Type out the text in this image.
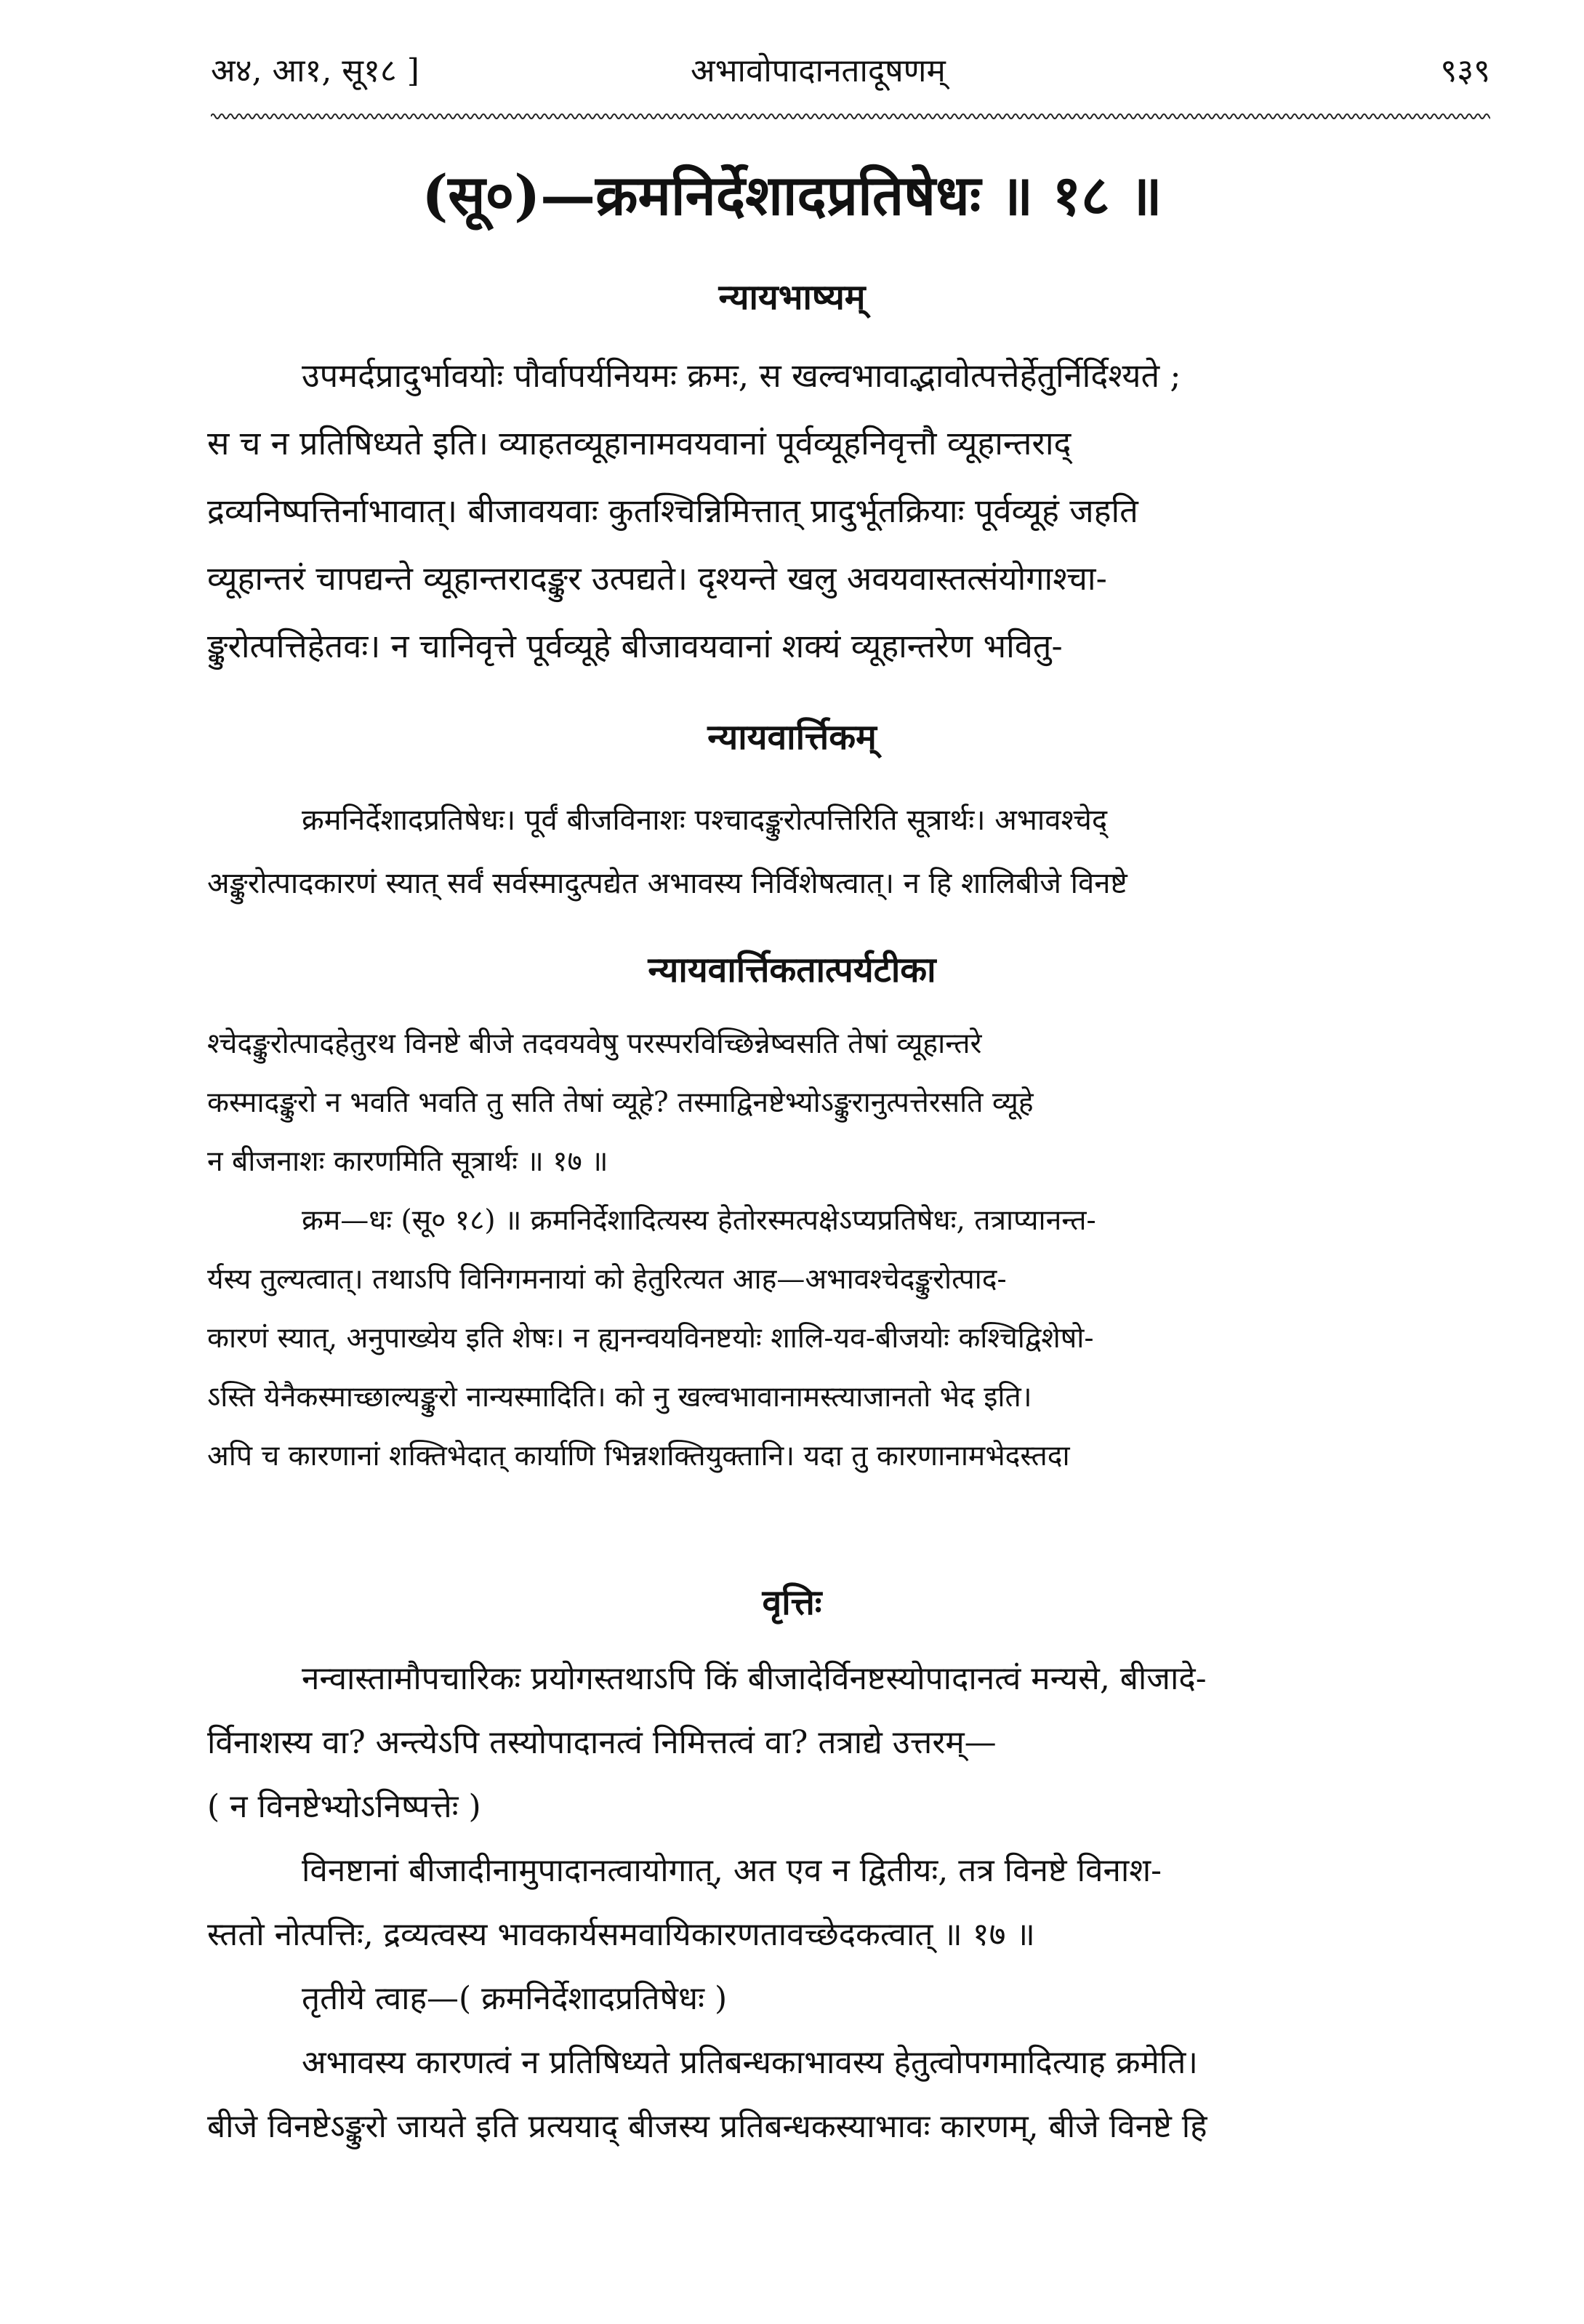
अ४, आ१, सू१८ ]	अभावोपादानतादूषणम्	९३९
(सू०)—क्रमनिर्देशादप्रतिषेधः ॥ १८ ॥
न्यायभाष्यम्
उपमर्दप्रादुर्भावयोः पौर्वापर्यनियमः क्रमः, स खल्वभावाद्भावोत्पत्तेर्हेतुर्निर्दिश्यते ;
स च न प्रतिषिध्यते इति। व्याहतव्यूहानामवयवानां पूर्वव्यूहनिवृत्तौ व्यूहान्तराद्
द्रव्यनिष्पत्तिर्नाभावात्। बीजावयवाः कुतश्चिन्निमित्तात् प्रादुर्भूतक्रियाः पूर्वव्यूहं जहति
व्यूहान्तरं चापद्यन्ते व्यूहान्तरादङ्कुर उत्पद्यते। दृश्यन्ते खलु अवयवास्तत्संयोगाश्चा-
ङ्कुरोत्पत्तिहेतवः। न चानिवृत्ते पूर्वव्यूहे बीजावयवानां शक्यं व्यूहान्तरेण भवितु-
न्यायवार्त्तिकम्
क्रमनिर्देशादप्रतिषेधः। पूर्वं बीजविनाशः पश्चादङ्कुरोत्पत्तिरिति सूत्रार्थः। अभावश्चेद्
अङ्कुरोत्पादकारणं स्यात् सर्वं सर्वस्मादुत्पद्येत अभावस्य निर्विशेषत्वात्। न हि शालिबीजे विनष्टे
न्यायवार्त्तिकतात्पर्यटीका
श्चेदङ्कुरोत्पादहेतुरथ विनष्टे बीजे तदवयवेषु परस्परविच्छिन्नेष्वसति तेषां व्यूहान्तरे
कस्मादङ्कुरो न भवति भवति तु सति तेषां व्यूहे? तस्माद्विनष्टेभ्योऽङ्कुरानुत्पत्तेरसति व्यूहे
न बीजनाशः कारणमिति सूत्रार्थः ॥ १७ ॥
क्रम—धः (सू० १८) ॥ क्रमनिर्देशादित्यस्य हेतोरस्मत्पक्षेऽप्यप्रतिषेधः, तत्राप्यानन्त-
र्यस्य तुल्यत्वात्। तथाऽपि विनिगमनायां को हेतुरित्यत आह—अभावश्चेदङ्कुरोत्पाद-
कारणं स्यात्, अनुपाख्येय इति शेषः। न ह्यनन्वयविनष्टयोः शालि-यव-बीजयोः कश्चिद्विशेषो-
ऽस्ति येनैकस्माच्छाल्यङ्कुरो नान्यस्मादिति। को नु खल्वभावानामस्त्याजानतो भेद इति।
अपि च कारणानां शक्तिभेदात् कार्याणि भिन्नशक्तियुक्तानि। यदा तु कारणानामभेदस्तदा
वृत्तिः
नन्वास्तामौपचारिकः प्रयोगस्तथाऽपि किं बीजादेर्विनष्टस्योपादानत्वं मन्यसे, बीजादे-
र्विनाशस्य वा? अन्त्येऽपि तस्योपादानत्वं निमित्तत्वं वा? तत्राद्ये उत्तरम्—
( न विनष्टेभ्योऽनिष्पत्तेः )
विनष्टानां बीजादीनामुपादानत्वायोगात्, अत एव न द्वितीयः, तत्र विनष्टे विनाश-
स्ततो नोत्पत्तिः, द्रव्यत्वस्य भावकार्यसमवायिकारणतावच्छेदकत्वात् ॥ १७ ॥
तृतीये त्वाह—( क्रमनिर्देशादप्रतिषेधः )
अभावस्य कारणत्वं न प्रतिषिध्यते प्रतिबन्धकाभावस्य हेतुत्वोपगमादित्याह क्रमेति।
बीजे विनष्टेऽङ्कुरो जायते इति प्रत्ययाद् बीजस्य प्रतिबन्धकस्याभावः कारणम्, बीजे विनष्टे हि
